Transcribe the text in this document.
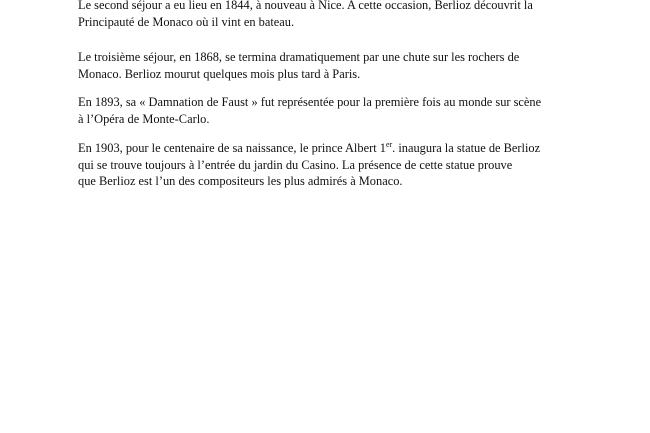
Le second séjour a eu lieu en 1844, à nouveau à Nice. A cette occasion, Berlioz découvrit la
Principauté de Monaco où il vint en bateau.

Le troisième séjour, en 1868, se termina dramatiquement par une chute sur les rochers de
Monaco. Berlioz mourut quelques mois plus tard à Paris.

En 1893, sa « Damnation de Faust » fut représentée pour la première fois au monde sur scène
à l’Opéra de Monte-Carlo.

En 1903, pour le centenaire de sa naissance, le prince Albert 1er. inaugura la statue de Berlioz
qui se trouve toujours à l’entrée du jardin du Casino. La présence de cette statue prouve
que Berlioz est l’un des compositeurs les plus admirés à Monaco.
